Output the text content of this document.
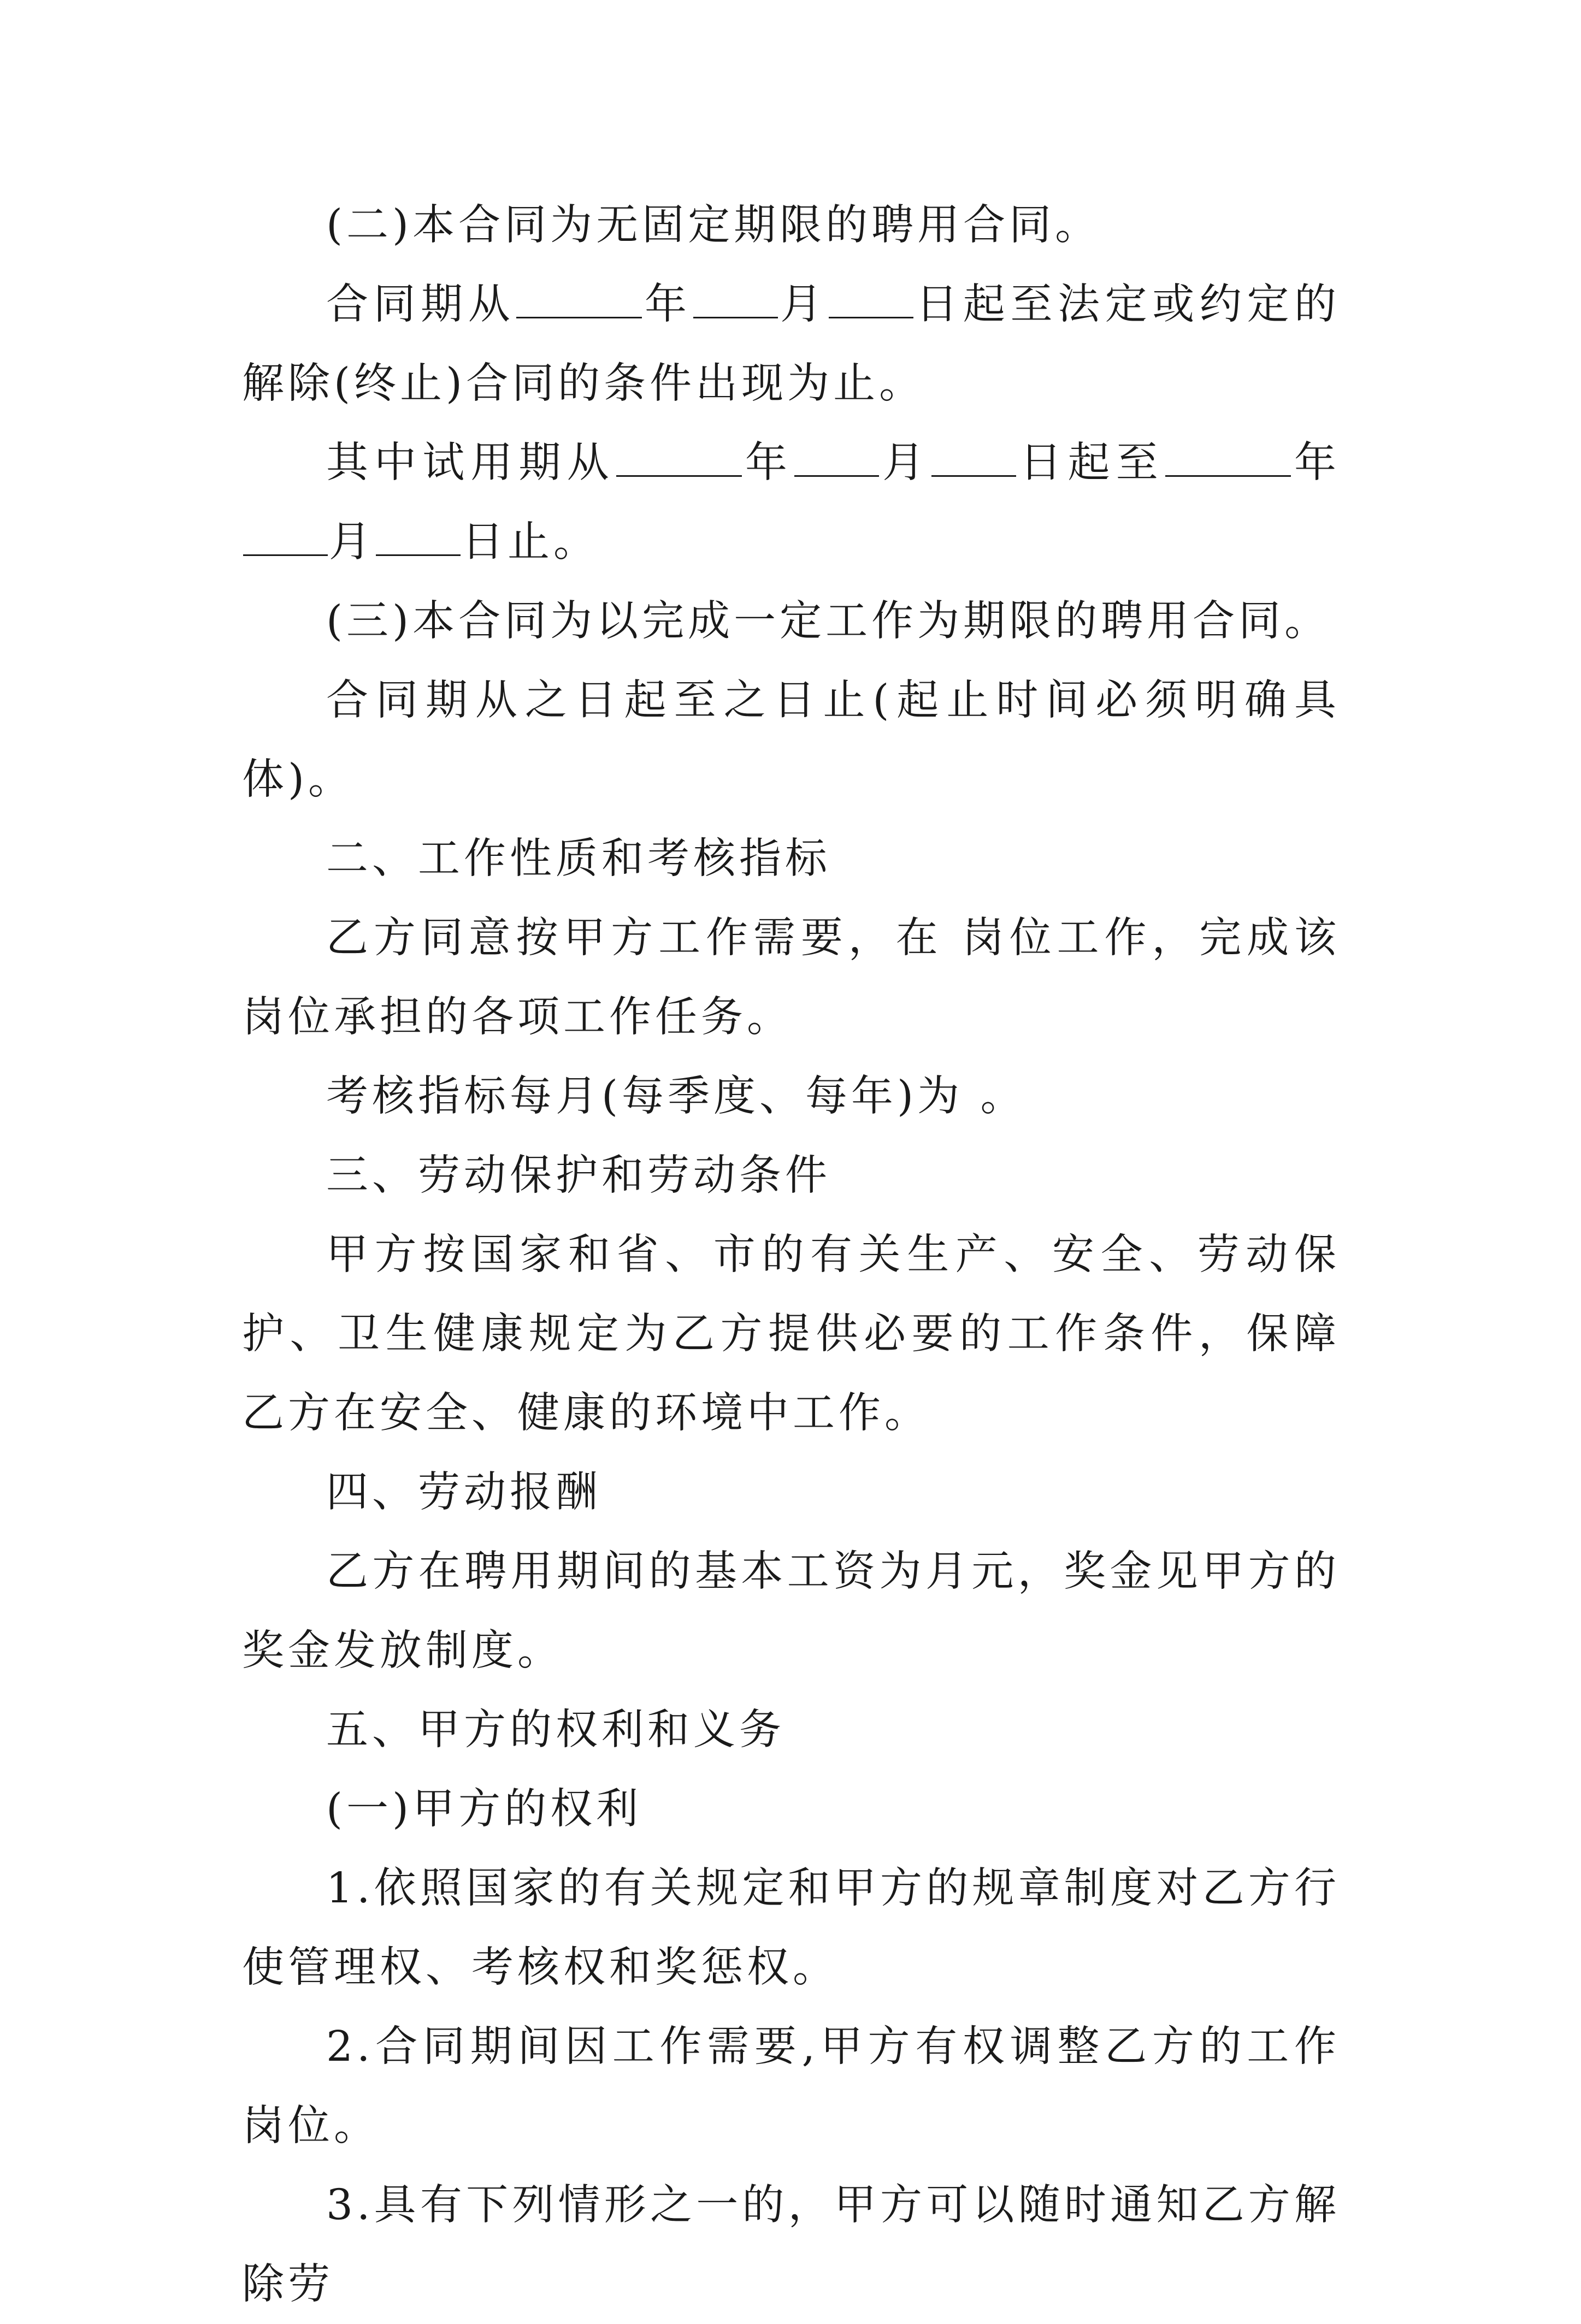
(二)本合同为无固定期限的聘用合同。

合同期从	年 月 日起至法定或约定的解除(终止)合同的条件出现为止。

其中试用期从	年 月 日起至	年月 日止。

(三)本合同为以完成一定工作为期限的聘用合同。

合同期从之日起至之日止(起止时间必须明确具体)。

二、工作性质和考核指标

乙方同意按甲方工作需要，在 岗位工作，完成该岗位承担的各项工作任务。

考核指标每月(每季度、每年)为 。

三、劳动保护和劳动条件

甲方按国家和省、市的有关生产、安全、劳动保护、卫生健康规定为乙方提供必要的工作条件，保障乙方在安全、健康的环境中工作。

四、劳动报酬

乙方在聘用期间的基本工资为月元，奖金见甲方的奖金发放制度。

五、甲方的权利和义务

(一)甲方的权利

1.依照国家的有关规定和甲方的规章制度对乙方行使管理权、考核权和奖惩权。

2.合同期间因工作需要,甲方有权调整乙方的工作岗位。

3.具有下列情形之一的，甲方可以随时通知乙方解除劳
